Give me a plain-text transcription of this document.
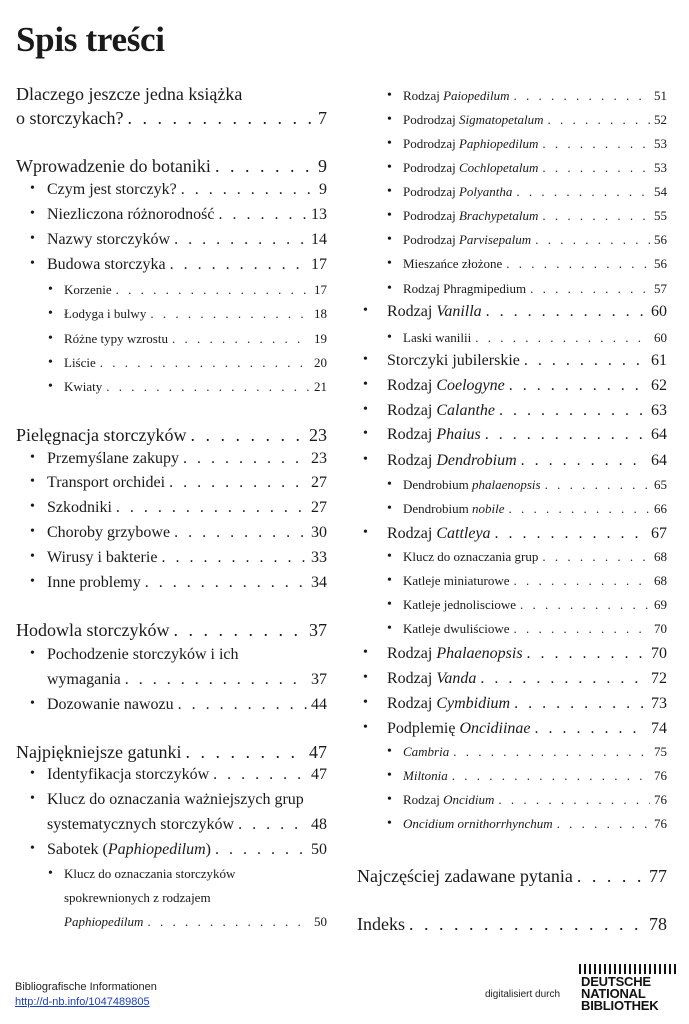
Spis treści
Dlaczego jeszcze jedna książka
o storczykach? . . .	7
Wprowadzenie do botaniki . . .	9
• Czym jest storczyk? . . .	9
• Niezliczona różnorodność . . .	13
• Nazwy storczyków . . .	14
• Budowa storczyka . . .	17
• Korzenie . . .	17
• Łodyga i bulwy . . .	18
• Różne typy wzrostu . . .	19
• Liście . . .	20
• Kwiaty . . .	21
Pielęgnacja storczyków . . .	23
• Przemyślane zakupy . . .	23
• Transport orchidei . . .	27
• Szkodniki . . .	27
• Choroby grzybowe . . .	30
• Wirusy i bakterie . . .	33
• Inne problemy . . .	34
Hodowla storczyków . . .	37
• Pochodzenie storczyków i ich
wymagania . . .	37
• Dozowanie nawozu . . .	44
Najpiękniejsze gatunki . . .	47
• Identyfikacja storczyków . . .	47
• Klucz do oznaczania ważniejszych grup
systematycznych storczyków . . .	48
• Sabotek (Paphiopedilum) . . .	50
• Klucz do oznaczania storczyków
spokrewnionych z rodzajem
Paphiopedilum . . .	50
• Rodzaj Paiopedilum . . .	51
• Podrodzaj Sigmatopetalum . . .	52
• Podrodzaj Paphiopedilum . . .	53
• Podrodzaj Cochlopetalum . . .	53
• Podrodzaj Polyantha . . .	54
• Podrodzaj Brachypetalum . . .	55
• Podrodzaj Parvisepalum . . .	56
• Mieszańce złożone . . .	56
• Rodzaj Phragmipedium . . .	57
• Rodzaj Vanilla . . .	60
• Laski wanilii . . .	60
• Storczyki jubilerskie . . .	61
• Rodzaj Coelogyne . . .	62
• Rodzaj Calanthe . . .	63
• Rodzaj Phaius . . .	64
• Rodzaj Dendrobium . . .	64
• Dendrobium phalaenopsis . . .	65
• Dendrobium nobile . . .	66
• Rodzaj Cattleya . . .	67
• Klucz do oznaczania grup . . .	68
• Katleje miniaturowe . . .	68
• Katleje jednolisciowe . . .	69
• Katleje dwuliściowe . . .	70
• Rodzaj Phalaenopsis . . .	70
• Rodzaj Vanda . . .	72
• Rodzaj Cymbidium . . .	73
• Podplemię Oncidiinae . . .	74
• Cambria . . .	75
• Miltonia . . .	76
• Rodzaj Oncidium . . .	76
• Oncidium ornithorrhynchum . . .	76
Najczęściej zadawane pytania . . .	77
Indeks . . .	78
Bibliografische Informationen
http://d-nb.info/1047489805
digitalisiert durch
DEUTSCHE
NATIONAL
BIBLIOTHEK
